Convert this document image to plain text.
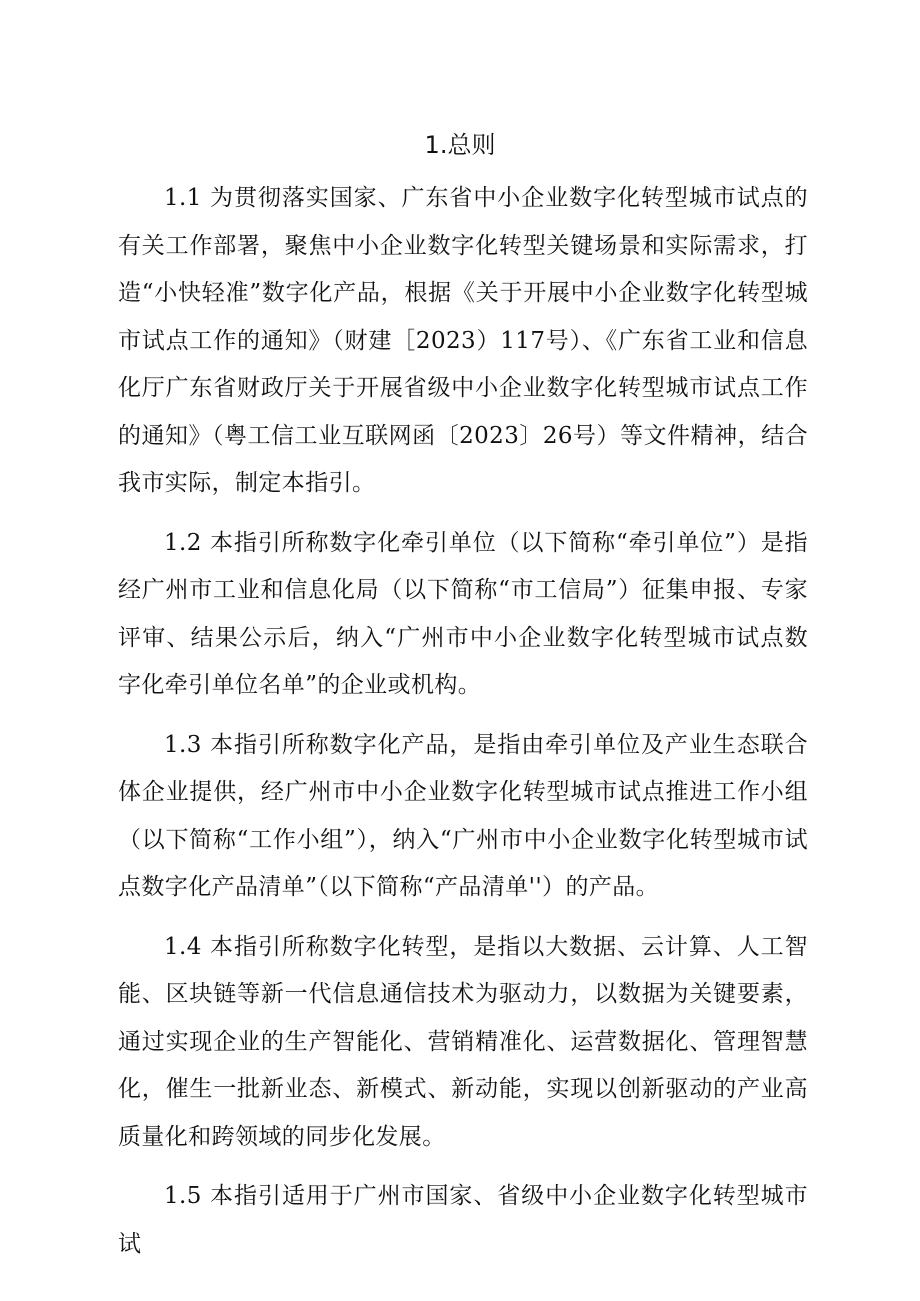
1.总则

1.1 为贯彻落实国家、广东省中小企业数字化转型城市试点的有关工作部署，聚焦中小企业数字化转型关键场景和实际需求，打造“小快轻准”数字化产品，根据《关于开展中小企业数字化转型城市试点工作的通知》（财建［2023）117号）、《广东省工业和信息化厅广东省财政厅关于开展省级中小企业数字化转型城市试点工作的通知》（粤工信工业互联网函〔2023〕26号）等文件精神，结合我市实际，制定本指引。

1.2 本指引所称数字化牵引单位（以下简称“牵引单位”）是指经广州市工业和信息化局（以下简称“市工信局”）征集申报、专家评审、结果公示后，纳入“广州市中小企业数字化转型城市试点数字化牵引单位名单”的企业或机构。

1.3 本指引所称数字化产品，是指由牵引单位及产业生态联合体企业提供，经广州市中小企业数字化转型城市试点推进工作小组（以下简称“工作小组”），纳入“广州市中小企业数字化转型城市试点数字化产品清单”（以下简称“产品清单''）的产品。

1.4 本指引所称数字化转型，是指以大数据、云计算、人工智能、区块链等新一代信息通信技术为驱动力，以数据为关键要素，通过实现企业的生产智能化、营销精准化、运营数据化、管理智慧化，催生一批新业态、新模式、新动能，实现以创新驱动的产业高质量化和跨领域的同步化发展。

1.5 本指引适用于广州市国家、省级中小企业数字化转型城市试
